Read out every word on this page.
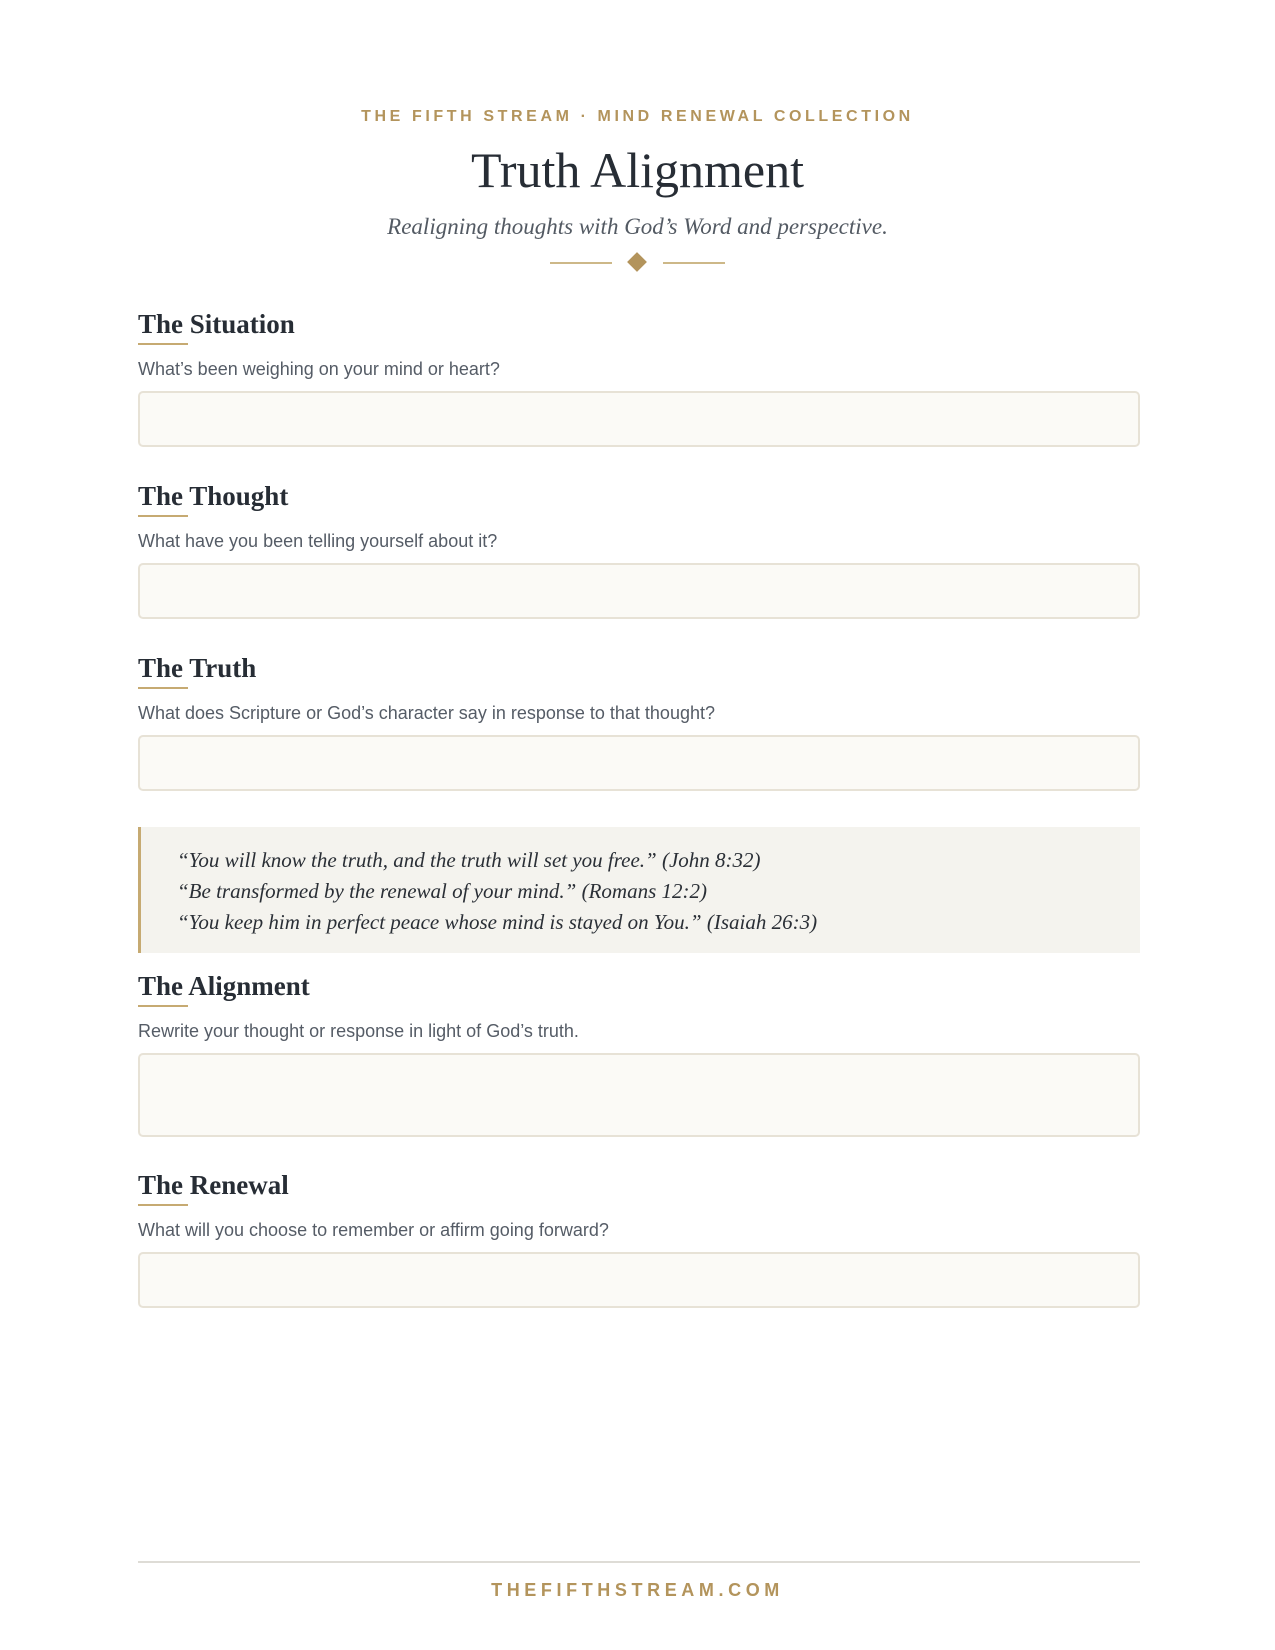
THE FIFTH STREAM · MIND RENEWAL COLLECTION
Truth Alignment
Realigning thoughts with God’s Word and perspective.
The Situation
What’s been weighing on your mind or heart?
The Thought
What have you been telling yourself about it?
The Truth
What does Scripture or God’s character say in response to that thought?
“You will know the truth, and the truth will set you free.” (John 8:32)
“Be transformed by the renewal of your mind.” (Romans 12:2)
“You keep him in perfect peace whose mind is stayed on You.” (Isaiah 26:3)
The Alignment
Rewrite your thought or response in light of God’s truth.
The Renewal
What will you choose to remember or affirm going forward?
THEFIFTHSTREAM.COM
